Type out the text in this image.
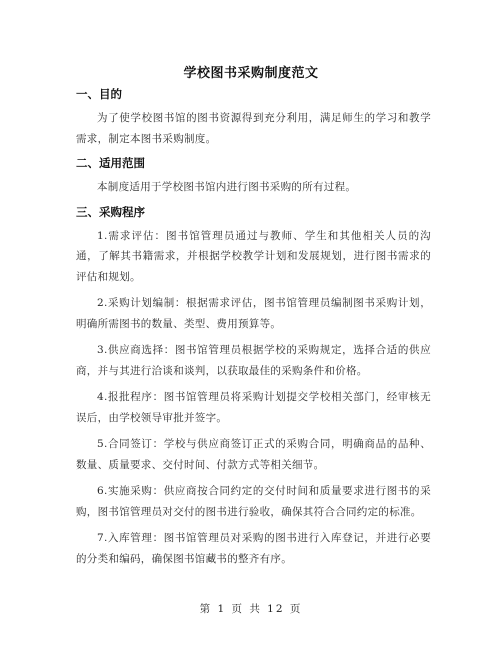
学校图书采购制度范文
一、目的

为了使学校图书馆的图书资源得到充分利用，满足师生的学习和教学需求，制定本图书采购制度。

二、适用范围

本制度适用于学校图书馆内进行图书采购的所有过程。

三、采购程序

1.需求评估：图书馆管理员通过与教师、学生和其他相关人员的沟通，了解其书籍需求，并根据学校教学计划和发展规划，进行图书需求的评估和规划。

2.采购计划编制：根据需求评估，图书馆管理员编制图书采购计划，明确所需图书的数量、类型、费用预算等。

3.供应商选择：图书馆管理员根据学校的采购规定，选择合适的供应商，并与其进行洽谈和谈判，以获取最佳的采购条件和价格。

4.报批程序：图书馆管理员将采购计划提交学校相关部门，经审核无误后，由学校领导审批并签字。

5.合同签订：学校与供应商签订正式的采购合同，明确商品的品种、数量、质量要求、交付时间、付款方式等相关细节。

6.实施采购：供应商按合同约定的交付时间和质量要求进行图书的采购，图书馆管理员对交付的图书进行验收，确保其符合合同约定的标准。

7.入库管理：图书馆管理员对采购的图书进行入库登记，并进行必要的分类和编码，确保图书馆藏书的整齐有序。

第 1 页 共 12 页
